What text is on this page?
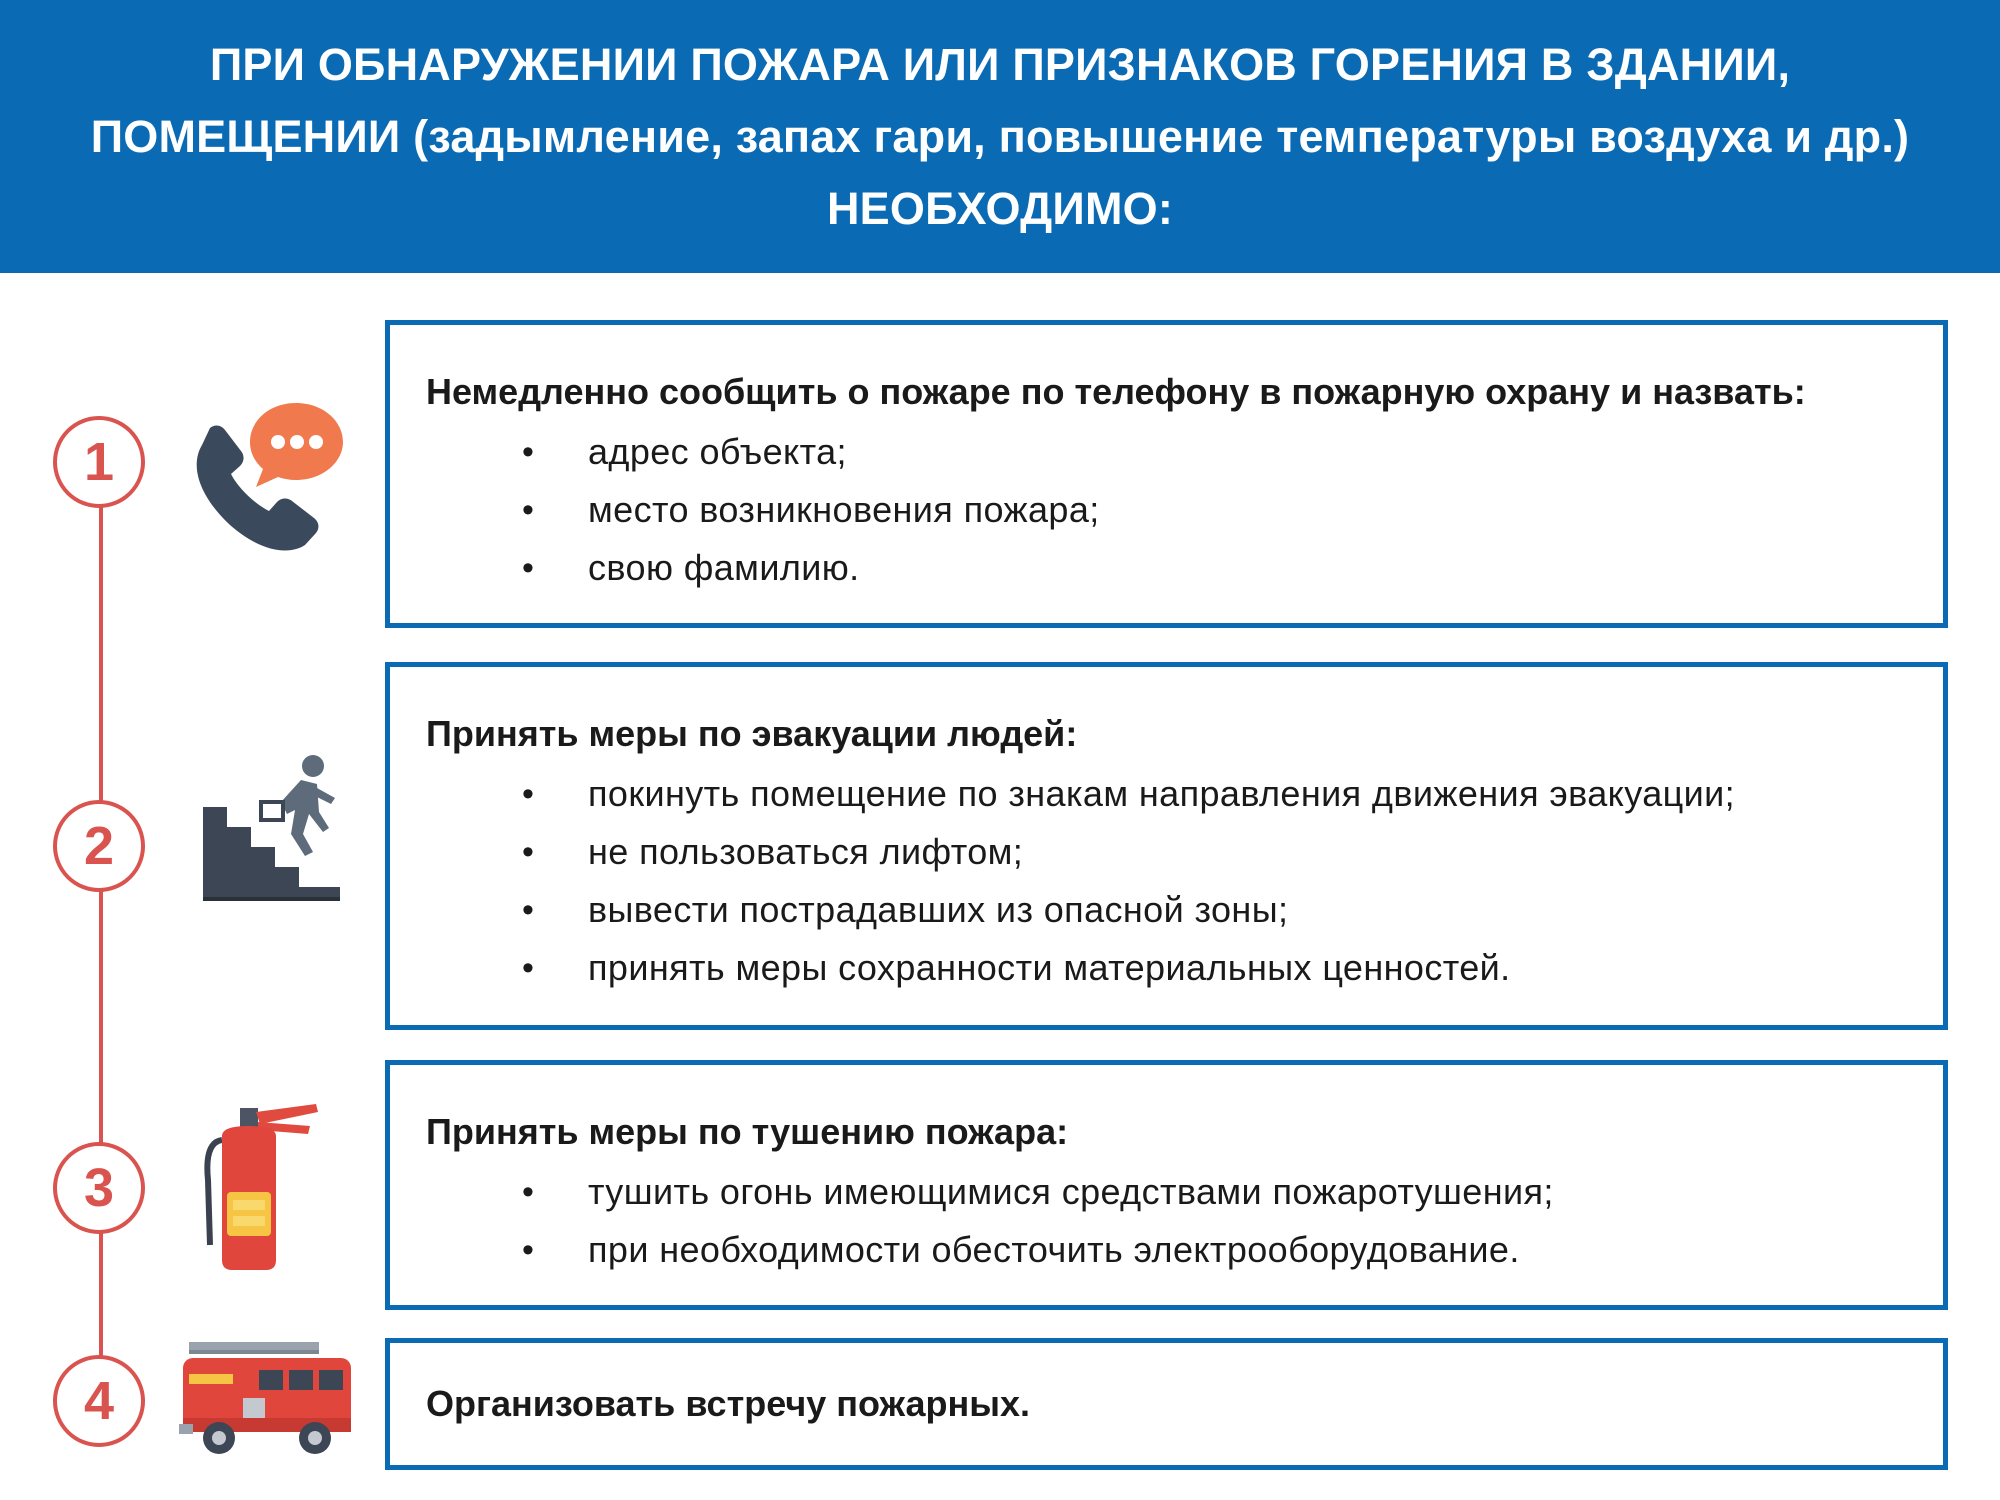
ПРИ ОБНАРУЖЕНИИ ПОЖАРА ИЛИ ПРИЗНАКОВ ГОРЕНИЯ В ЗДАНИИ,
ПОМЕЩЕНИИ (задымление, запах гари, повышение температуры воздуха и др.)
НЕОБХОДИМО:
1
2
3
4
Немедленно сообщить о пожаре по телефону в пожарную охрану и назвать:
• адрес объекта;
• место возникновения пожара;
• свою фамилию.
Принять меры по эвакуации людей:
• покинуть помещение по знакам направления движения эвакуации;
• не пользоваться лифтом;
• вывести пострадавших из опасной зоны;
• принять меры сохранности материальных ценностей.
Принять меры по тушению пожара:
• тушить огонь имеющимися средствами пожаротушения;
• при необходимости обесточить электрооборудование.
Организовать встречу пожарных.
